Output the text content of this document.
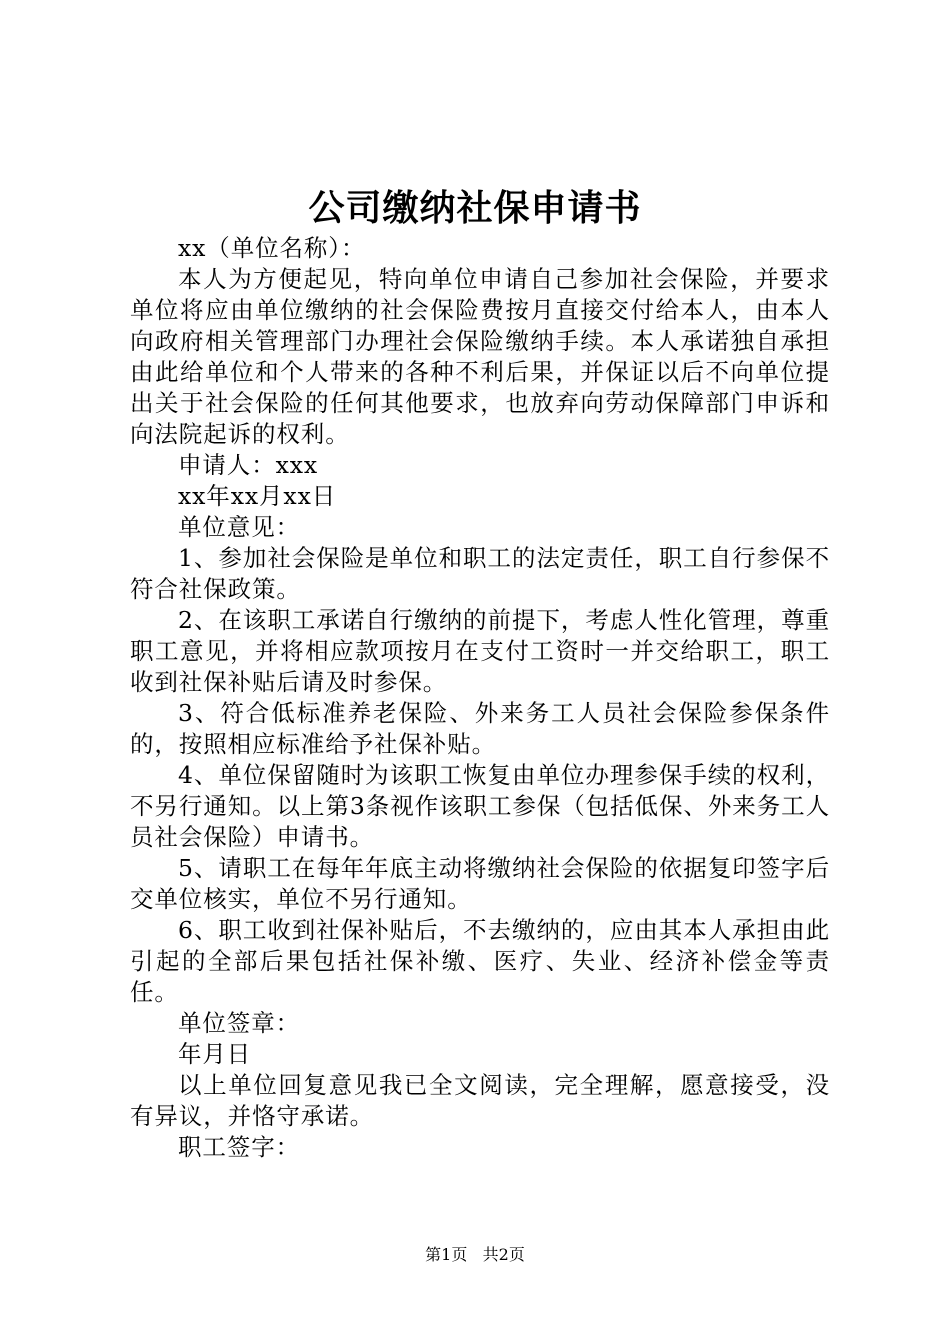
公司缴纳社保申请书

xx（单位名称）：

本人为方便起见，特向单位申请自己参加社会保险，并要求单位将应由单位缴纳的社会保险费按月直接交付给本人，由本人向政府相关管理部门办理社会保险缴纳手续。本人承诺独自承担由此给单位和个人带来的各种不利后果，并保证以后不向单位提出关于社会保险的任何其他要求，也放弃向劳动保障部门申诉和向法院起诉的权利。

申请人：xxx

xx年xx月xx日

单位意见：

1、参加社会保险是单位和职工的法定责任，职工自行参保不符合社保政策。

2、在该职工承诺自行缴纳的前提下，考虑人性化管理，尊重职工意见，并将相应款项按月在支付工资时一并交给职工，职工收到社保补贴后请及时参保。

3、符合低标准养老保险、外来务工人员社会保险参保条件的，按照相应标准给予社保补贴。

4、单位保留随时为该职工恢复由单位办理参保手续的权利，不另行通知。以上第3条视作该职工参保（包括低保、外来务工人员社会保险）申请书。

5、请职工在每年年底主动将缴纳社会保险的依据复印签字后交单位核实，单位不另行通知。

6、职工收到社保补贴后，不去缴纳的，应由其本人承担由此引起的全部后果包括社保补缴、医疗、失业、经济补偿金等责任。

单位签章：

年月日

以上单位回复意见我已全文阅读，完全理解，愿意接受，没有异议，并恪守承诺。

职工签字：

第1页 共2页
